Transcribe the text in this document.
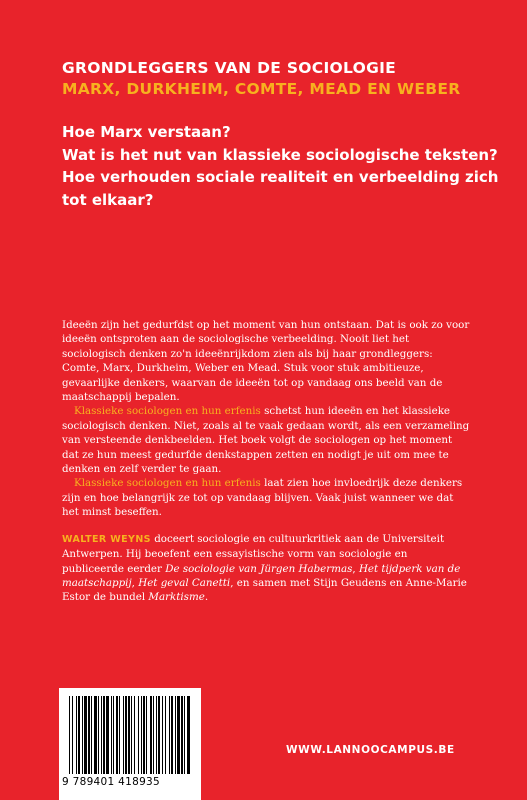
GRONDLEGGERS VAN DE SOCIOLOGIE
MARX, DURKHEIM, COMTE, MEAD EN WEBER

Hoe Marx verstaan?

Wat is het nut van klassieke sociologische teksten?

Hoe verhouden sociale realiteit en verbeelding zich tot elkaar?

Ideeën zijn het gedurfdst op het moment van hun ontstaan. Dat is ook zo voor ideeën ontsproten aan de sociologische verbeelding. Nooit liet het sociologisch denken zo'n ideeënrijkdom zien als bij haar grondleggers: Comte, Marx, Durkheim, Weber en Mead. Stuk voor stuk ambitieuze, gevaarlijke denkers, waarvan de ideeën tot op vandaag ons beeld van de maatschappij bepalen.

Klassieke sociologen en hun erfenis schetst hun ideeën en het klassieke sociologisch denken. Niet, zoals al te vaak gedaan wordt, als een verzameling van versteende denkbeelden. Het boek volgt de sociologen op het moment dat ze hun meest gedurfde denkstappen zetten en nodigt je uit om mee te denken en zelf verder te gaan.

Klassieke sociologen en hun erfenis laat zien hoe invloedrijk deze denkers zijn en hoe belangrijk ze tot op vandaag blijven. Vaak juist wanneer we dat het minst beseffen.

WALTER WEYNS doceert sociologie en cultuurkritiek aan de Universiteit Antwerpen. Hij beoefent een essayistische vorm van sociologie en publiceerde eerder De sociologie van Jürgen Habermas, Het tijdperk van de maatschappij, Het geval Canetti, en samen met Stijn Geudens en Anne-Marie Estor de bundel Marktisme.

9 789401 418935
WWW.LANNOOCAMPUS.BE
